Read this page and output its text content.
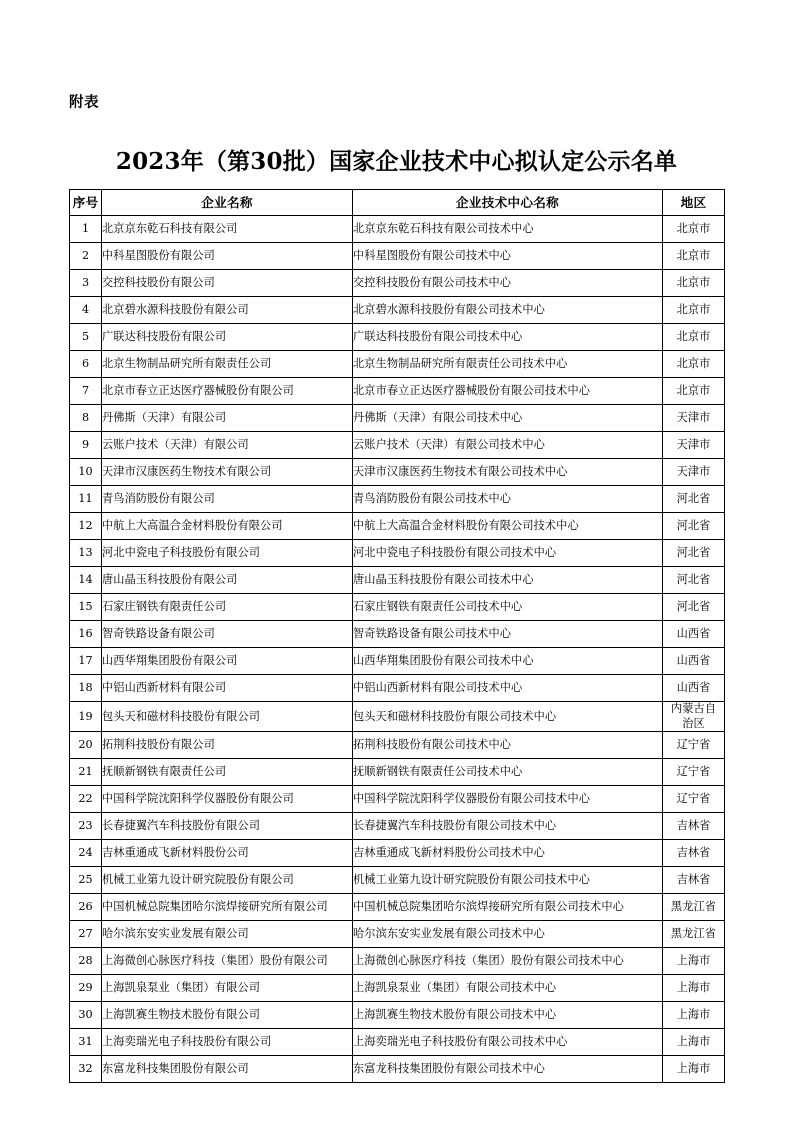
附表
2023年（第30批）国家企业技术中心拟认定公示名单
序号	企业名称	企业技术中心名称	地区
1	北京京东乾石科技有限公司	北京京东乾石科技有限公司技术中心	北京市
2	中科星图股份有限公司	中科星图股份有限公司技术中心	北京市
3	交控科技股份有限公司	交控科技股份有限公司技术中心	北京市
4	北京碧水源科技股份有限公司	北京碧水源科技股份有限公司技术中心	北京市
5	广联达科技股份有限公司	广联达科技股份有限公司技术中心	北京市
6	北京生物制品研究所有限责任公司	北京生物制品研究所有限责任公司技术中心	北京市
7	北京市春立正达医疗器械股份有限公司	北京市春立正达医疗器械股份有限公司技术中心	北京市
8	丹佛斯（天津）有限公司	丹佛斯（天津）有限公司技术中心	天津市
9	云账户技术（天津）有限公司	云账户技术（天津）有限公司技术中心	天津市
10	天津市汉康医药生物技术有限公司	天津市汉康医药生物技术有限公司技术中心	天津市
11	青鸟消防股份有限公司	青鸟消防股份有限公司技术中心	河北省
12	中航上大高温合金材料股份有限公司	中航上大高温合金材料股份有限公司技术中心	河北省
13	河北中瓷电子科技股份有限公司	河北中瓷电子科技股份有限公司技术中心	河北省
14	唐山晶玉科技股份有限公司	唐山晶玉科技股份有限公司技术中心	河北省
15	石家庄钢铁有限责任公司	石家庄钢铁有限责任公司技术中心	河北省
16	智奇铁路设备有限公司	智奇铁路设备有限公司技术中心	山西省
17	山西华翔集团股份有限公司	山西华翔集团股份有限公司技术中心	山西省
18	中铝山西新材料有限公司	中铝山西新材料有限公司技术中心	山西省
19	包头天和磁材科技股份有限公司	包头天和磁材科技股份有限公司技术中心	内蒙古自
治区

20	拓荆科技股份有限公司	拓荆科技股份有限公司技术中心	辽宁省
21	抚顺新钢铁有限责任公司	抚顺新钢铁有限责任公司技术中心	辽宁省
22	中国科学院沈阳科学仪器股份有限公司	中国科学院沈阳科学仪器股份有限公司技术中心	辽宁省
23	长春捷翼汽车科技股份有限公司	长春捷翼汽车科技股份有限公司技术中心	吉林省
24	吉林重通成飞新材料股份公司	吉林重通成飞新材料股份公司技术中心	吉林省
25	机械工业第九设计研究院股份有限公司	机械工业第九设计研究院股份有限公司技术中心	吉林省
26	中国机械总院集团哈尔滨焊接研究所有限公司	中国机械总院集团哈尔滨焊接研究所有限公司技术中心	黑龙江省
27	哈尔滨东安实业发展有限公司	哈尔滨东安实业发展有限公司技术中心	黑龙江省
28	上海微创心脉医疗科技（集团）股份有限公司	上海微创心脉医疗科技（集团）股份有限公司技术中心	上海市
29	上海凯泉泵业（集团）有限公司	上海凯泉泵业（集团）有限公司技术中心	上海市
30	上海凯赛生物技术股份有限公司	上海凯赛生物技术股份有限公司技术中心	上海市
31	上海奕瑞光电子科技股份有限公司	上海奕瑞光电子科技股份有限公司技术中心	上海市
32	东富龙科技集团股份有限公司	东富龙科技集团股份有限公司技术中心	上海市
